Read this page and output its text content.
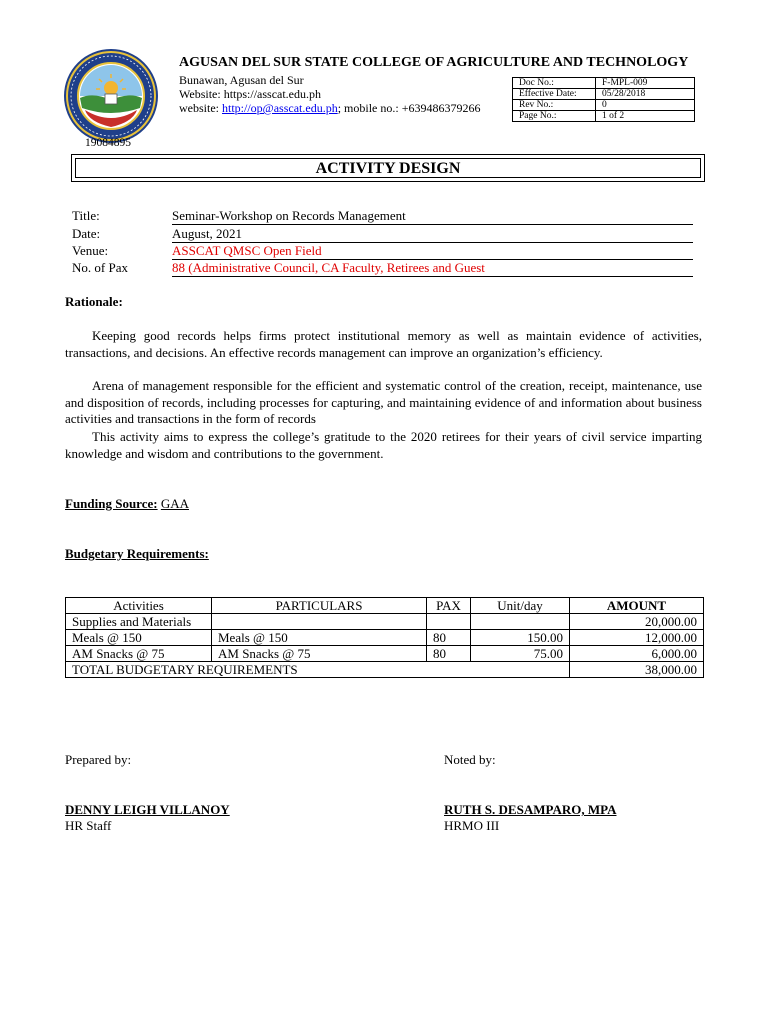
19084895
AGUSAN DEL SUR STATE COLLEGE OF AGRICULTURE AND TECHNOLOGY
Bunawan, Agusan del Sur
Website: https://asscat.edu.ph
website: http://op@asscat.edu.ph; mobile no.: +639486379266
Doc No.:	F-MPL-009
Effective Date:	05/28/2018
Rev No.:	0
Page No.:	1 of 2
ACTIVITY DESIGN
Title:	Seminar-Workshop on Records Management
Date:	August, 2021
Venue:	ASSCAT QMSC Open Field
No. of Pax	88 (Administrative Council, CA Faculty, Retirees and Guest
Rationale:
Keeping good records helps firms protect institutional memory as well as maintain evidence of activities, transactions, and decisions. An effective records management can improve an organization’s efficiency.
Arena of management responsible for the efficient and systematic control of the creation, receipt, maintenance, use and disposition of records, including processes for capturing, and maintaining evidence of and information about business activities and transactions in the form of records
This activity aims to express the college’s gratitude to the 2020 retirees for their years of civil service imparting knowledge and wisdom and contributions to the government.
Funding Source: GAA
Budgetary Requirements:
Activities	PARTICULARS	PAX	Unit/day	AMOUNT
Supplies and Materials				20,000.00
Meals @ 150	Meals @ 150	80	150.00	12,000.00
AM Snacks @ 75	AM Snacks @ 75	80	75.00	6,000.00
TOTAL BUDGETARY REQUIREMENTS				38,000.00
Prepared by:
DENNY LEIGH VILLANOY
HR Staff
Noted by:
RUTH S. DESAMPARO, MPA
HRMO III
